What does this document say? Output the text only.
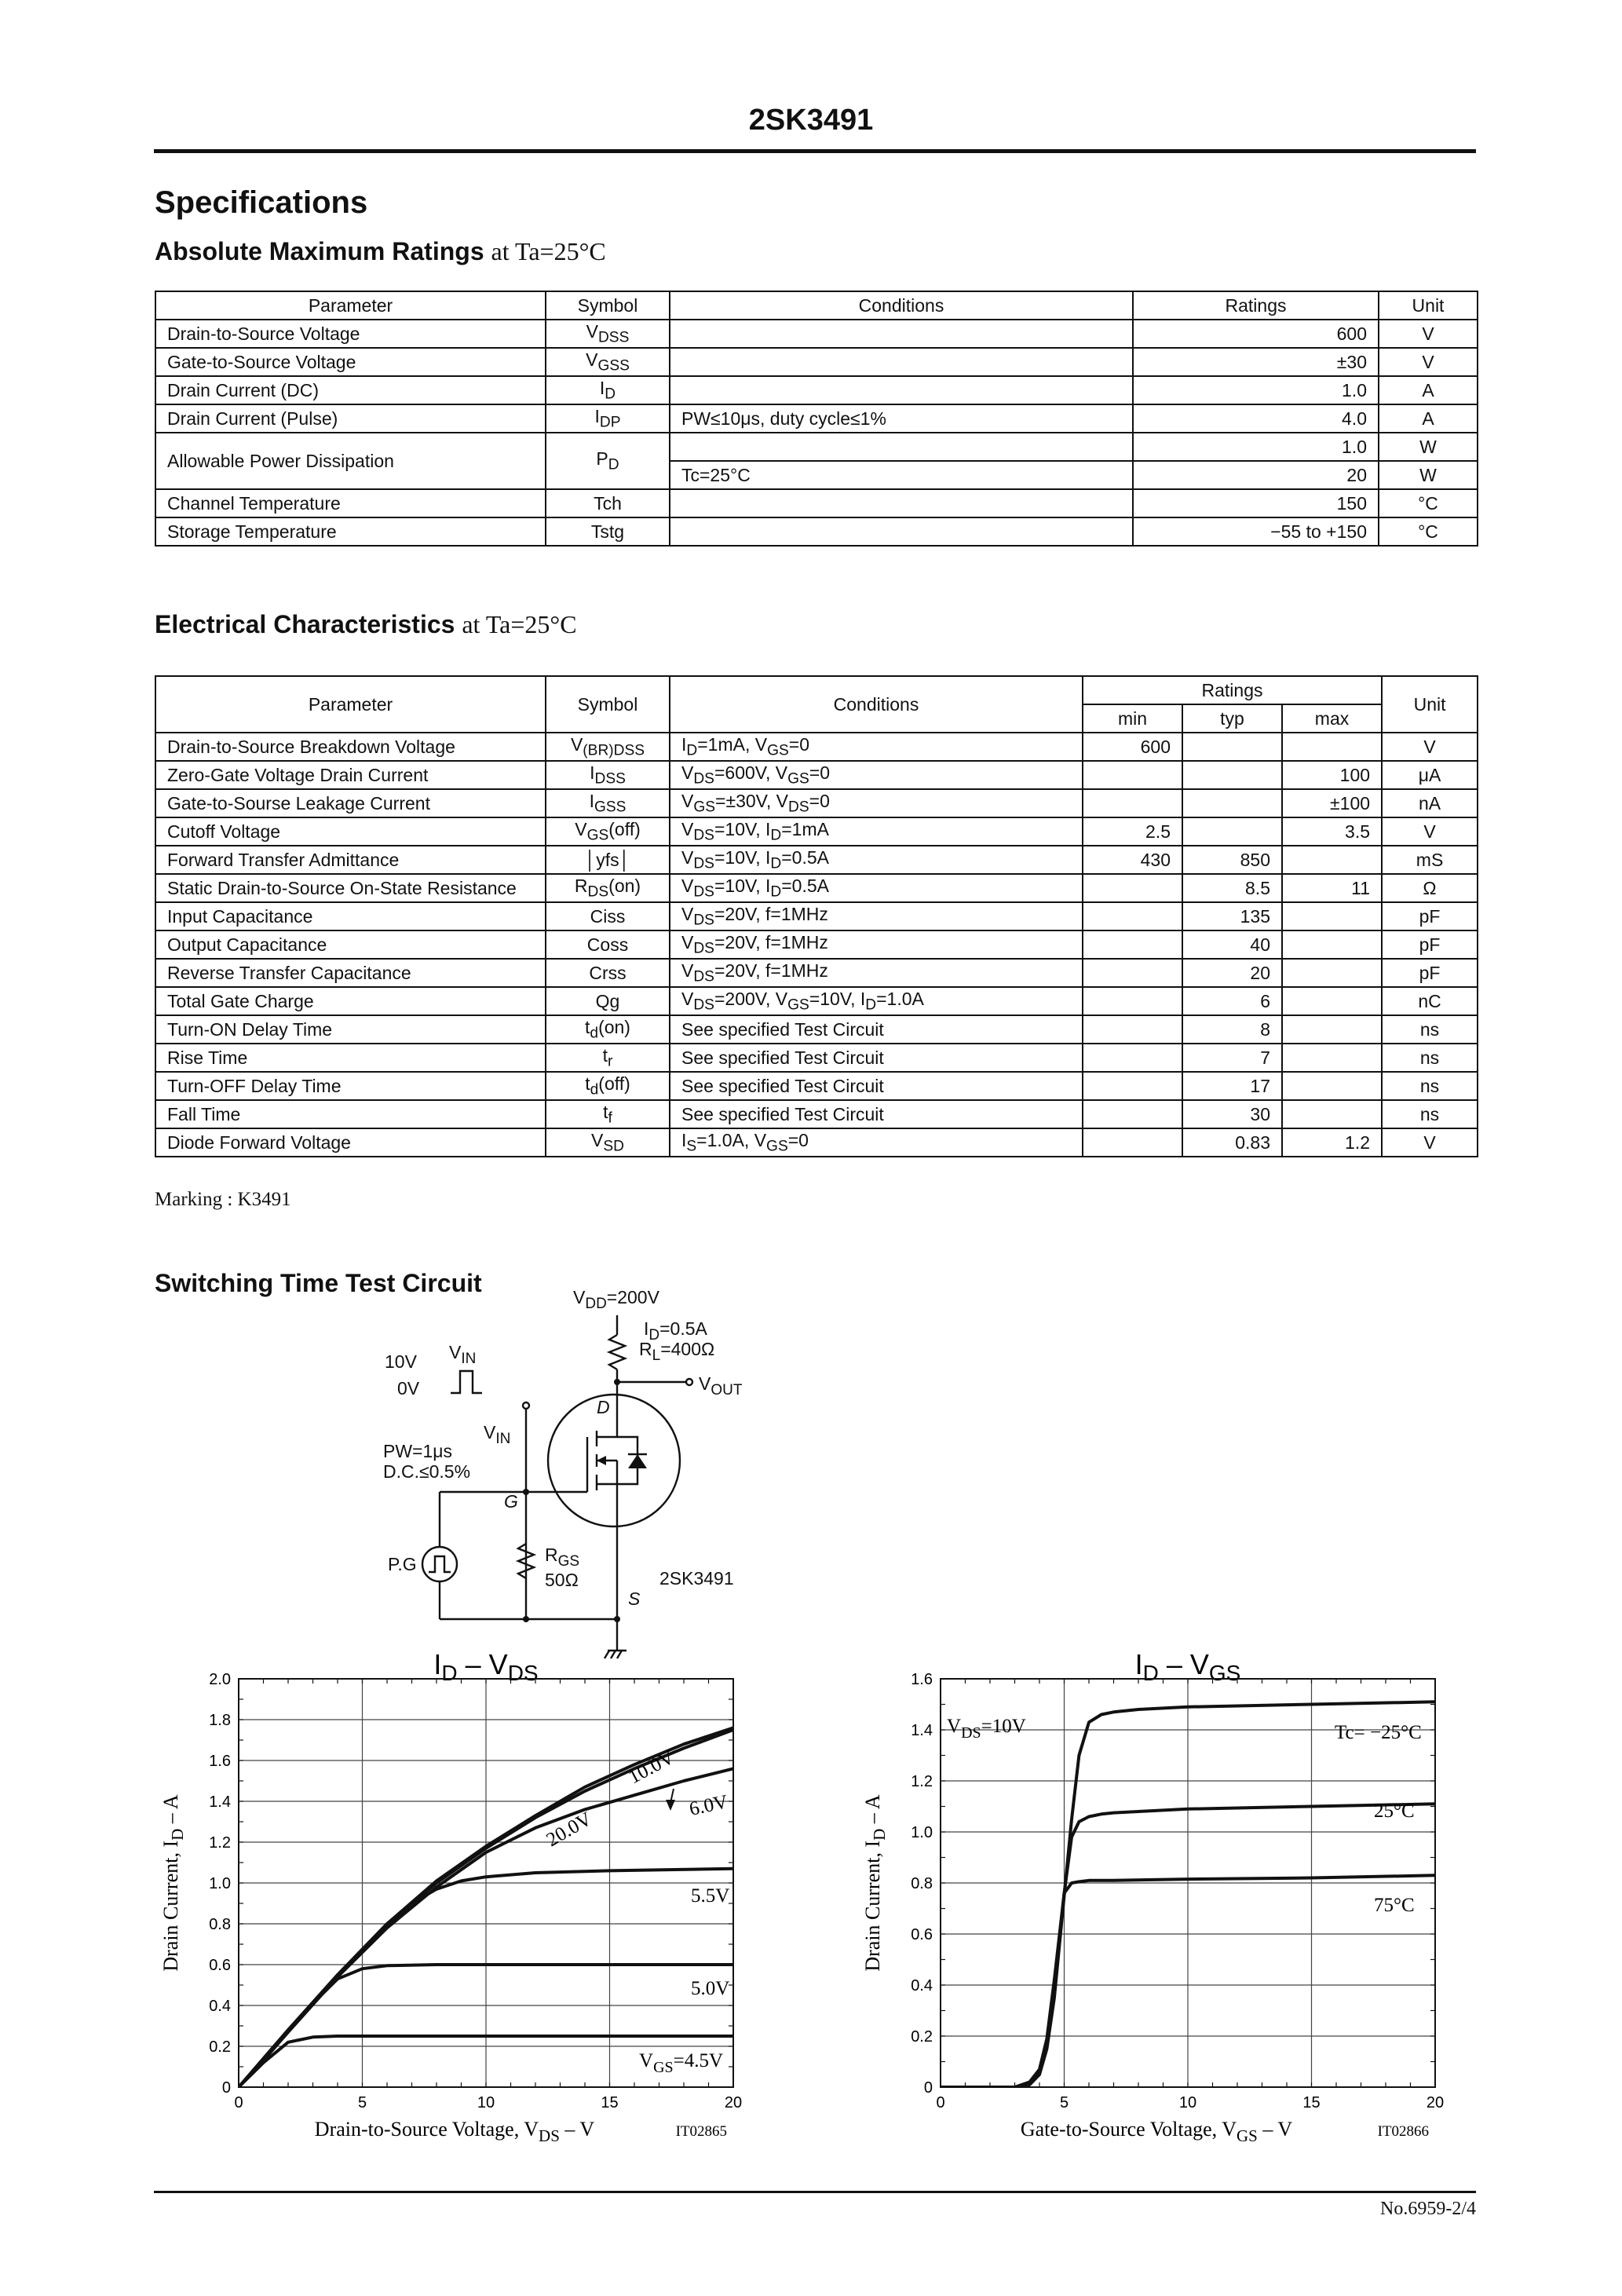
2SK3491
Specifications
Absolute Maximum Ratings at Ta=25°C
Parameter	Symbol	Conditions	Ratings	Unit
Drain-to-Source Voltage	$V_{DSS}$		600	V
Gate-to-Source Voltage	$V_{GSS}$		±30	V
Drain Current (DC)	$I_D$		1.0	A
Drain Current (Pulse)	$I_{DP}$	PW≤10μs, duty cycle≤1%	4.0	A
Allowable Power Dissipation	$P_D$		1.0	W
		Tc=25°C	20	W
Channel Temperature	Tch		150	°C
Storage Temperature	Tstg		−55 to +150	°C
Electrical Characteristics at Ta=25°C
Parameter	Symbol	Conditions	Ratings			Unit
			min	typ	max	
Drain-to-Source Breakdown Voltage	$V_{(BR)DSS}$	$I_D=1mA$, $V_{GS}=0$	600			V
Zero-Gate Voltage Drain Current	$I_{DSS}$	$V_{DS}=600V$, $V_{GS}=0$			100	μA
Gate-to-Sourse Leakage Current	$I_{GSS}$	$V_{GS}=\pm 30V$, $V_{DS}=0$			±100	nA
Cutoff Voltage	$V_{GS}(off)$	$V_{DS}=10V$, $I_D=1mA$	2.5		3.5	V
Forward Transfer Admittance	│yfs│	$V_{DS}=10V$, $I_D=0.5A$	430	850		mS
Static Drain-to-Source On-State Resistance	$R_{DS}(on)$	$V_{DS}=10V$, $I_D=0.5A$		8.5	11	Ω
Input Capacitance	Ciss	$V_{DS}=20V$, f=1MHz		135		pF
Output Capacitance	Coss	$V_{DS}=20V$, f=1MHz		40		pF
Reverse Transfer Capacitance	Crss	$V_{DS}=20V$, f=1MHz		20		pF
Total Gate Charge	Qg	$V_{DS}=200V$, $V_{GS}=10V$, $I_D=1.0A$		6		nC
Turn-ON Delay Time	$t_d(on)$	See specified Test Circuit		8		ns
Rise Time	$t_r$	See specified Test Circuit		7		ns
Turn-OFF Delay Time	$t_d(off)$	See specified Test Circuit		17		ns
Fall Time	$t_f$	See specified Test Circuit		30		ns
Diode Forward Voltage	$V_{SD}$	$I_S=1.0A$, $V_{GS}=0$		0.83	1.2	V
Marking : K3491
Switching Time Test Circuit	$V_{DD}=200V$
$I_D=0.5A$
$R_L=400\Omega$
$V_{OUT}$
D
G
S
2SK3491
$V_{IN}$
10V
0V
$V_{IN}$
PW=1μs
D.C.≤0.5%
P.G	$R_{GS}$
50Ω
$I_D - V_{DS}$
0	5	10	15	20
0
0.2
0.4
0.6
0.8
1.0
1.2
1.4
1.6
1.8
2.0
Drain-to-Source Voltage, $V_{DS}$ – V	IT02865
Drain Current, $I_D$ – A
$V_{GS}=4.5V$
5.0V
5.5V
6.0V
10.0V
20.0V
$I_D - V_{GS}$
0	5	10	15	20
0
0.2
0.4
0.6
0.8
1.0
1.2
1.4
1.6
Gate-to-Source Voltage, $V_{GS}$ – V	IT02866
Drain Current, $I_D$ – A
Tc= −25°C
25°C
75°C
$V_{DS}=10V$
No.6959-2/4
